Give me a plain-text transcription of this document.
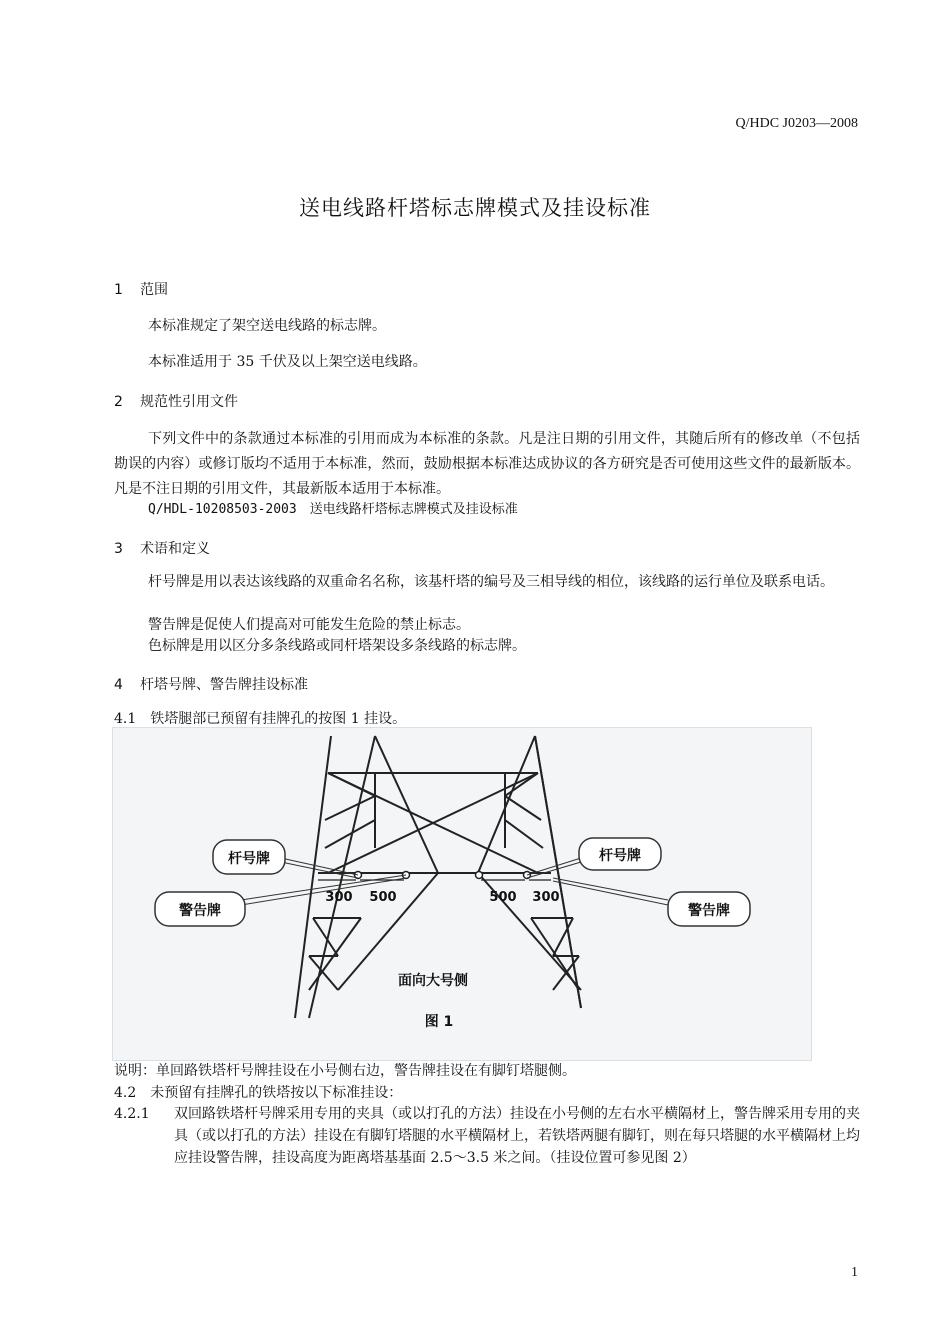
Q/HDC J0203—2008
送电线路杆塔标志牌模式及挂设标准
1 范围
本标准规定了架空送电线路的标志牌。
本标准适用于 35 千伏及以上架空送电线路。
2 规范性引用文件
下列文件中的条款通过本标准的引用而成为本标准的条款。凡是注日期的引用文件，其随后所有的修改单（不包括勘误的内容）或修订版均不适用于本标准，然而，鼓励根据本标准达成协议的各方研究是否可使用这些文件的最新版本。凡是不注日期的引用文件，其最新版本适用于本标准。
Q/HDL-10208503-2003　送电线路杆塔标志牌模式及挂设标准
3 术语和定义
杆号牌是用以表达该线路的双重命名名称，该基杆塔的编号及三相导线的相位，该线路的运行单位及联系电话。
警告牌是促使人们提高对可能发生危险的禁止标志。
色标牌是用以区分多条线路或同杆塔架设多条线路的标志牌。
4 杆塔号牌、警告牌挂设标准
4.1　铁塔腿部已预留有挂牌孔的按图 1 挂设。
杆号牌
警告牌
杆号牌
警告牌
300 500	500 300
面向大号侧
图 1
说明：单回路铁塔杆号牌挂设在小号侧右边，警告牌挂设在有脚钉塔腿侧。
4.2　未预留有挂牌孔的铁塔按以下标准挂设：
4.2.1 双回路铁塔杆号牌采用专用的夹具（或以打孔的方法）挂设在小号侧的左右水平横隔材上，警告牌采用专用的夹具（或以打孔的方法）挂设在有脚钉塔腿的水平横隔材上，若铁塔两腿有脚钉，则在每只塔腿的水平横隔材上均应挂设警告牌，挂设高度为距离塔基基面 2.5～3.5 米之间。（挂设位置可参见图 2）
1
